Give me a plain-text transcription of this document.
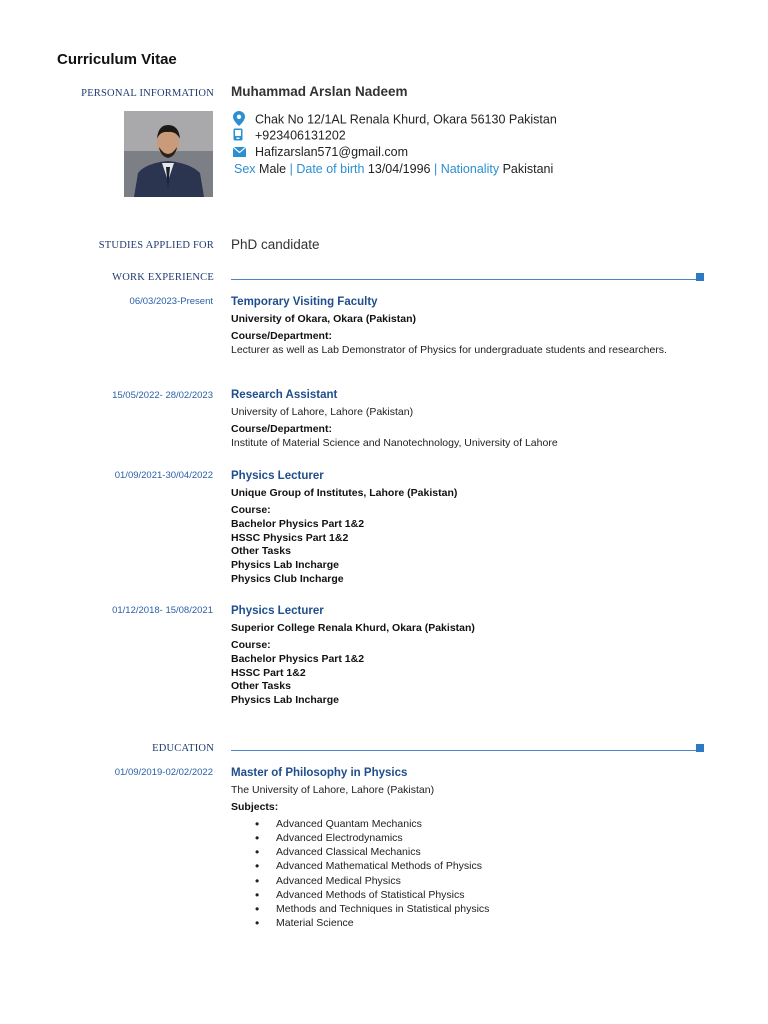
Curriculum Vitae
PERSONAL INFORMATION Muhammad Arslan Nadeem
Chak No 12/1AL Renala Khurd, Okara 56130 Pakistan
+923406131202
Hafizarslan571@gmail.com
Sex Male | Date of birth 13/04/1996 | Nationality Pakistani
STUDIES APPLIED FOR PhD candidate
WORK EXPERIENCE
06/03/2023-Present Temporary Visiting Faculty
University of Okara, Okara (Pakistan)
Course/Department:
Lecturer as well as Lab Demonstrator of Physics for undergraduate students and researchers.
15/05/2022- 28/02/2023 Research Assistant
University of Lahore, Lahore (Pakistan)
Course/Department:
Institute of Material Science and Nanotechnology, University of Lahore
01/09/2021-30/04/2022 Physics Lecturer
Unique Group of Institutes, Lahore (Pakistan)
Course:
Bachelor Physics Part 1&2
HSSC Physics Part 1&2
Other Tasks
Physics Lab Incharge
Physics Club Incharge
01/12/2018- 15/08/2021 Physics Lecturer
Superior College Renala Khurd, Okara (Pakistan)
Course:
Bachelor Physics Part 1&2
HSSC Part 1&2
Other Tasks
Physics Lab Incharge
EDUCATION
01/09/2019-02/02/2022 Master of Philosophy in Physics
The University of Lahore, Lahore (Pakistan)
Subjects:
• Advanced Quantam Mechanics
• Advanced Electrodynamics
• Advanced Classical Mechanics
• Advanced Mathematical Methods of Physics
• Advanced Medical Physics
• Advanced Methods of Statistical Physics
• Methods and Techniques in Statistical physics
• Material Science
